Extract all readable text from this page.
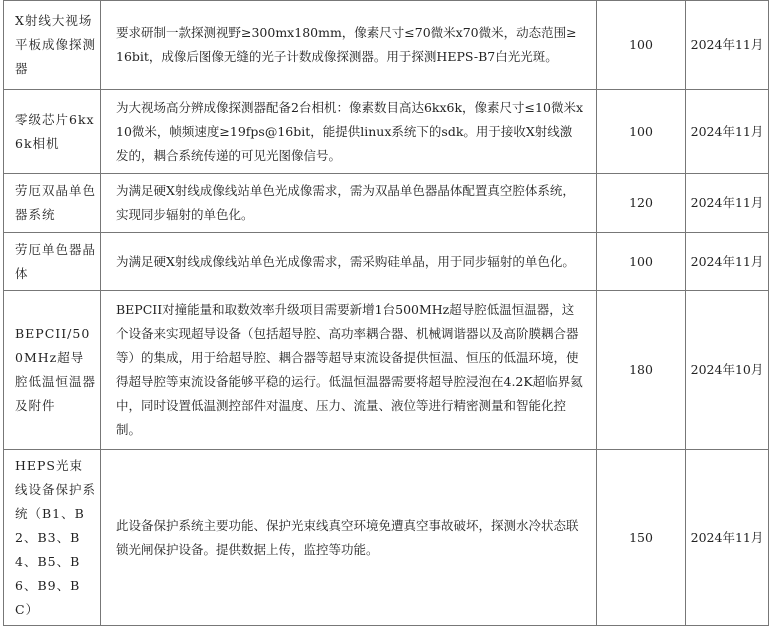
X射线大视场平板成像探测器	要求研制一款探测视野≥300mx180mm，像素尺寸≤70微米x70微米，动态范围≥16bit，成像后图像无缝的光子计数成像探测器。用于探测HEPS-B7白光光斑。	100	2024年11月

零级芯片6kx6k相机	为大视场高分辨成像探测器配备2台相机：像素数目高达6kx6k，像素尺寸≤10微米x10微米，帧频速度≥19fps@16bit，能提供linux系统下的sdk。用于接收X射线激发的，耦合系统传递的可见光图像信号。	100	2024年11月

劳厄双晶单色器系统	为满足硬X射线成像线站单色光成像需求，需为双晶单色器晶体配置真空腔体系统，实现同步辐射的单色化。	120	2024年11月

劳厄单色器晶体	为满足硬X射线成像线站单色光成像需求，需采购硅单晶，用于同步辐射的单色化。	100	2024年11月

BEPCII/500MHz超导腔低温恒温器及附件	BEPCII对撞能量和取数效率升级项目需要新增1台500MHz超导腔低温恒温器，这个设备来实现超导设备（包括超导腔、高功率耦合器、机械调谐器以及高阶膜耦合器等）的集成，用于给超导腔、耦合器等超导束流设备提供恒温、恒压的低温环境，使得超导腔等束流设备能够平稳的运行。低温恒温器需要将超导腔浸泡在4.2K超临界氦中，同时设置低温测控部件对温度、压力、流量、液位等进行精密测量和智能化控制。	180	2024年10月

HEPS光束线设备保护系统（B1、B2、B3、B4、B5、B6、B9、BC）	此设备保护系统主要功能、保护光束线真空环境免遭真空事故破坏，探测水冷状态联锁光闸保护设备。提供数据上传，监控等功能。	150	2024年11月
